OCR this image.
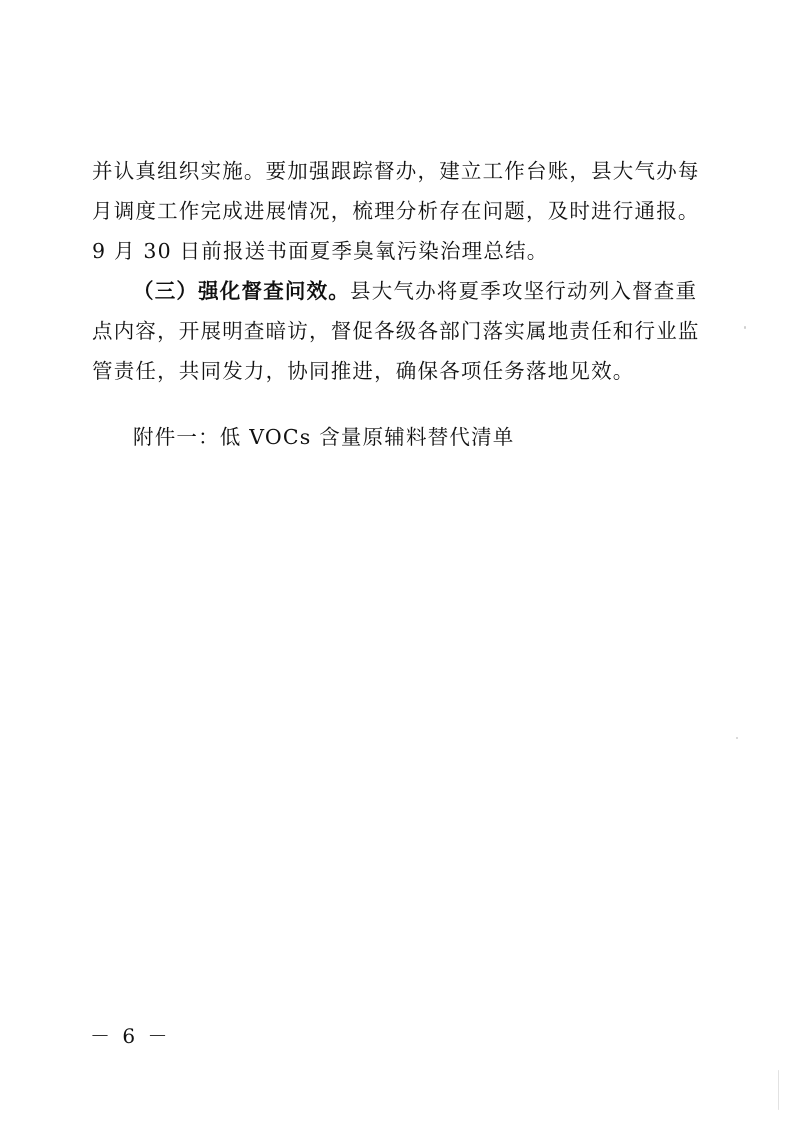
并认真组织实施。要加强跟踪督办，建立工作台账，县大气办每
月调度工作完成进展情况，梳理分析存在问题，及时进行通报。
9 月 30 日前报送书面夏季臭氧污染治理总结。
（三）强化督查问效。县大气办将夏季攻坚行动列入督查重
点内容，开展明查暗访，督促各级各部门落实属地责任和行业监
管责任，共同发力，协同推进，确保各项任务落地见效。
附件一：低 VOCs 含量原辅料替代清单
－ 6 －
